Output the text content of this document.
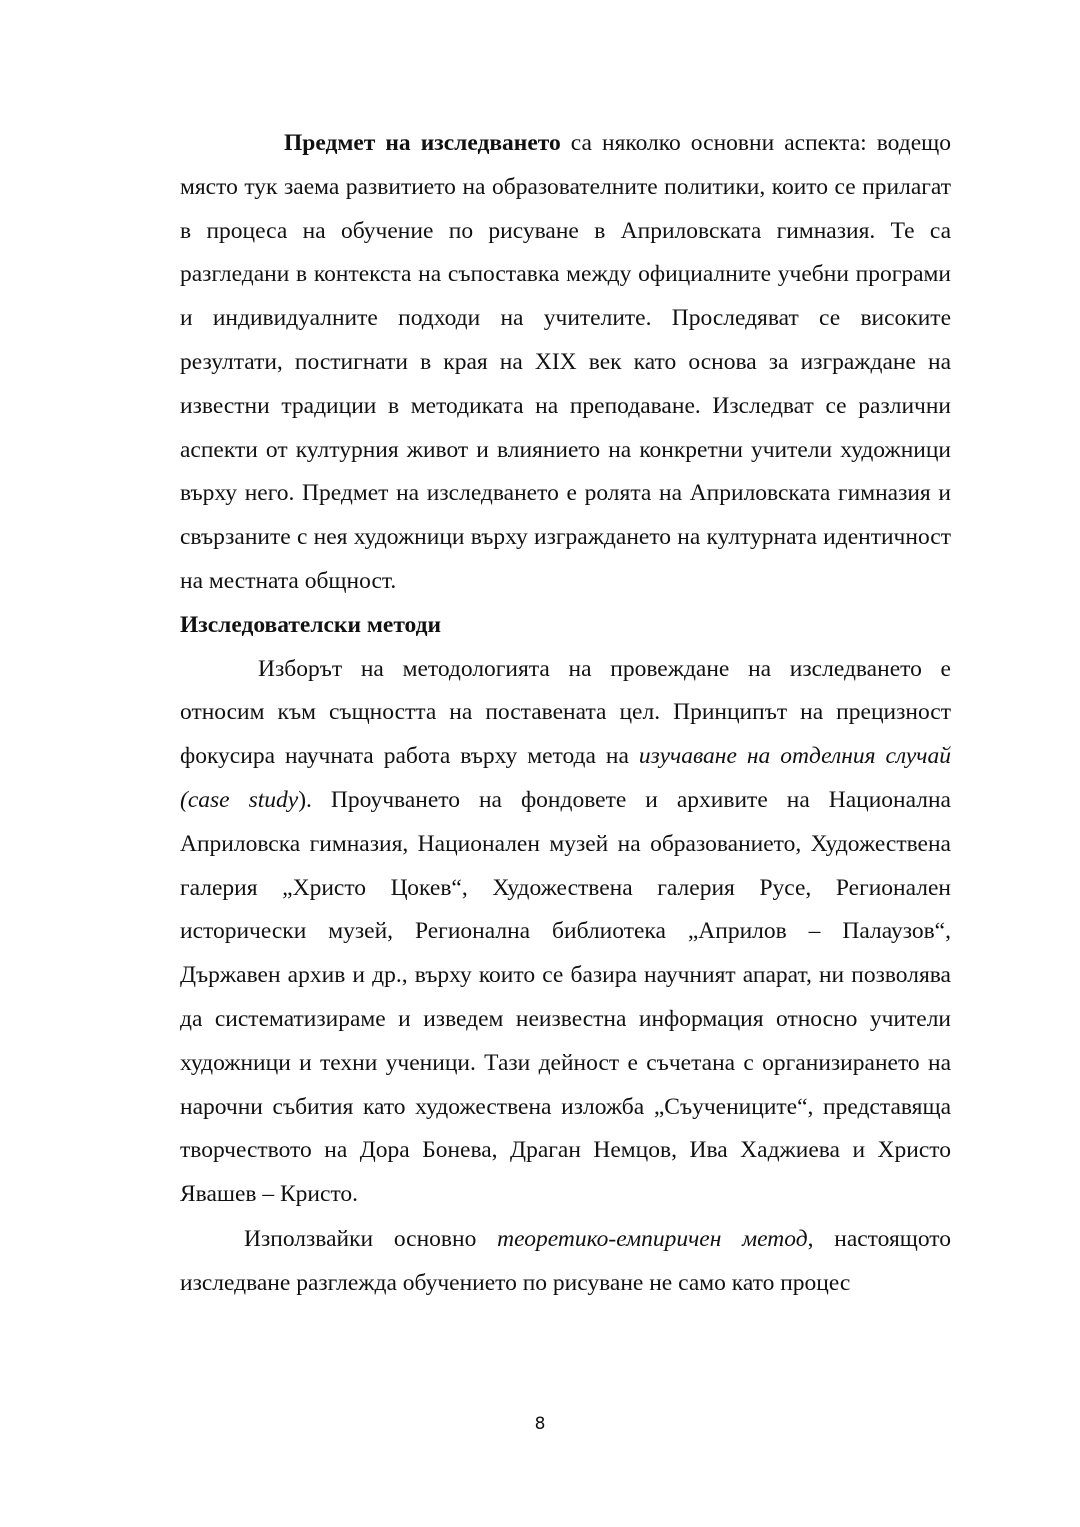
Предмет на изследването са няколко основни аспекта: водещо място тук заема развитието на образователните политики, които се прилагат в процеса на обучение по рисуване в Априловската гимназия. Те са разгледани в контекста на съпоставка между официалните учебни програми и индивидуалните подходи на учителите. Проследяват се високите резултати, постигнати в края на XIX век като основа за изграждане на известни традиции в методиката на преподаване. Изследват се различни аспекти от културния живот и влиянието на конкретни учители художници върху него. Предмет на изследването е ролята на Априловската гимназия и свързаните с нея художници върху изграждането на културната идентичност на местната общност.

Изследователски методи

Изборът на методологията на провеждане на изследването е относим към същността на поставената цел. Принципът на прецизност фокусира научната работа върху метода на изучаване на отделния случай (case study). Проучването на фондовете и архивите на Национална Априловска гимназия, Национален музей на образованието, Художествена галерия „Христо Цокев“, Художествена галерия Русе, Регионален исторически музей, Регионална библиотека „Априлов – Палаузов“, Държавен архив и др., върху които се базира научният апарат, ни позволява да систематизираме и изведем неизвестна информация относно учители художници и техни ученици. Тази дейност е съчетана с организирането на нарочни събития като художествена изложба „Съучениците“, представяща творчеството на Дора Бонева, Драган Немцов, Ива Хаджиева и Христо Явашев – Кристо.

Използвайки основно теоретико-емпиричен метод, настоящото изследване разглежда обучението по рисуване не само като процес

8
